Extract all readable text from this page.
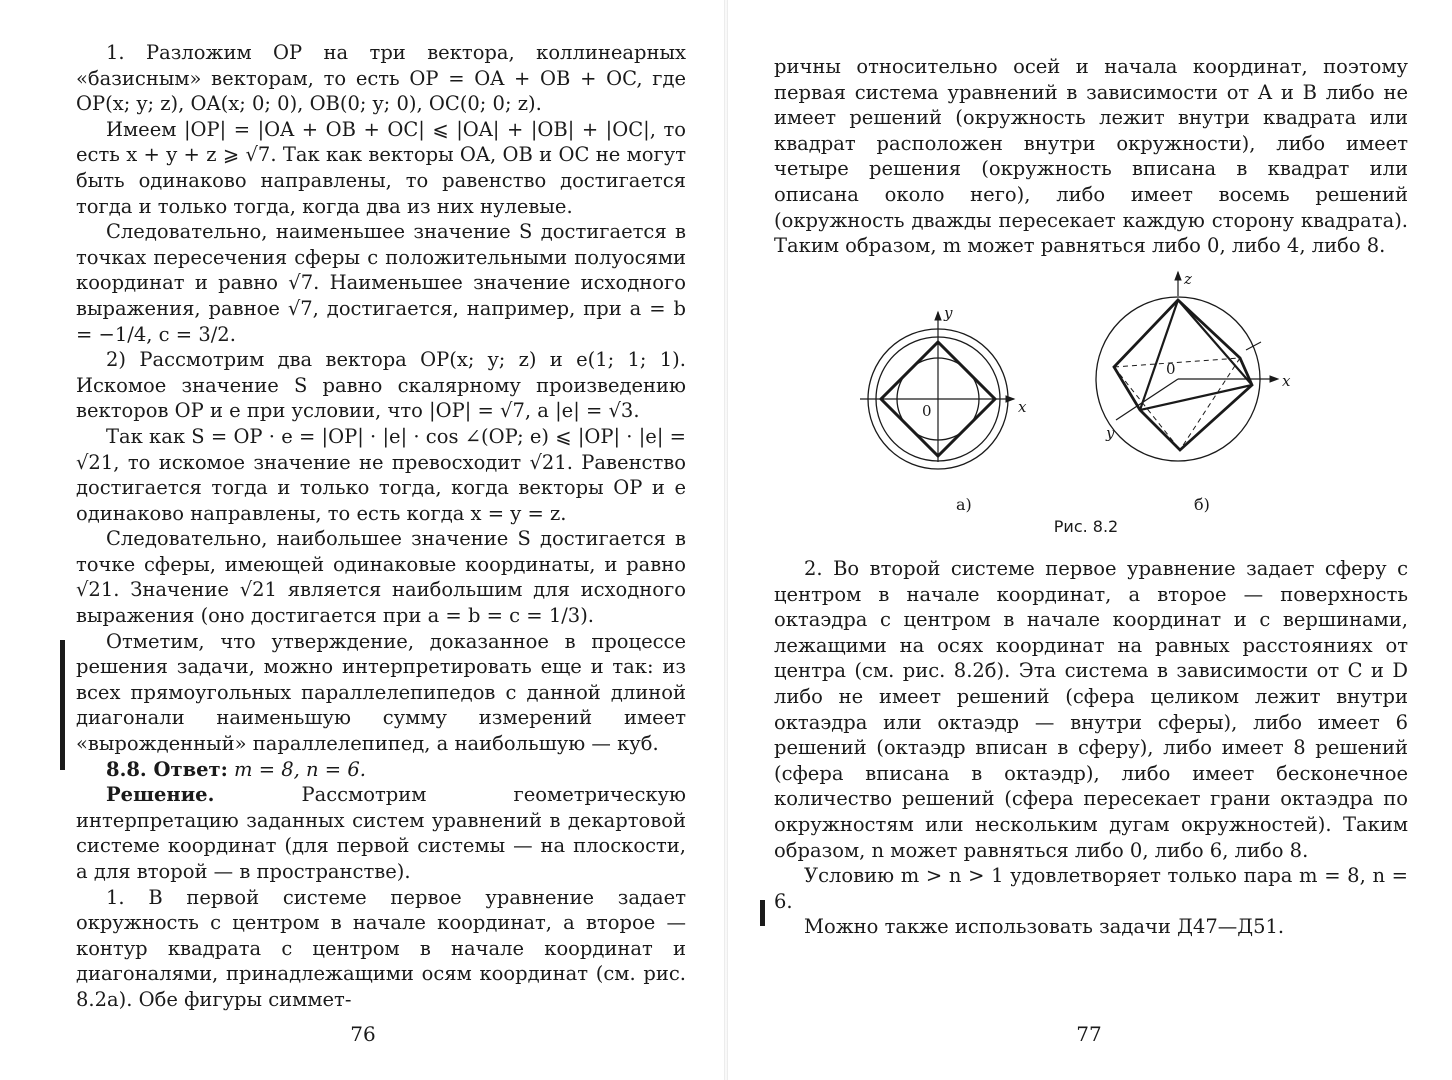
1. Разложим OP на три вектора, коллинеарных «базисным» векторам, то есть OP = OA + OB + OC, где OP(x; y; z), OA(x; 0; 0), OB(0; y; 0), OC(0; 0; z).

Имеем |OP| = |OA + OB + OC| ⩽ |OA| + |OB| + |OC|, то есть x + y + z ⩾ √7. Так как векторы OA, OB и OC не могут быть одинаково направлены, то равенство достигается тогда и только тогда, когда два из них нулевые.

Следовательно, наименьшее значение S достигается в точках пересечения сферы с положительными полуосями координат и равно √7. Наименьшее значение исходного выражения, равное √7, достигается, например, при a = b = −1/4, c = 3/2.

2) Рассмотрим два вектора OP(x; y; z) и e(1; 1; 1). Искомое значение S равно скалярному произведению векторов OP и e при условии, что |OP| = √7, а |e| = √3.

Так как S = OP · e = |OP| · |e| · cos ∠(OP; e) ⩽ |OP| · |e| = √21, то искомое значение не превосходит √21. Равенство достигается тогда и только тогда, когда векторы OP и e одинаково направлены, то есть когда x = y = z.

Следовательно, наибольшее значение S достигается в точке сферы, имеющей одинаковые координаты, и равно √21. Значение √21 является наибольшим для исходного выражения (оно достигается при a = b = c = 1/3).

Отметим, что утверждение, доказанное в процессе решения задачи, можно интерпретировать еще и так: из всех прямоугольных параллелепипедов с данной длиной диагонали наименьшую сумму измерений имеет «вырожденный» параллелепипед, а наибольшую — куб.

8.8. Ответ: m = 8, n = 6.

Решение.	Рассмотрим геометрическую интерпретацию заданных систем уравнений в декартовой системе координат (для первой системы — на плоскости, а для второй — в пространстве).

1. В первой системе первое уравнение задает окружность с центром в начале координат, а второе — контур квадрата с центром в начале координат и диагоналями, принадлежащими осям координат (см. рис. 8.2а). Обе фигуры симмет-

76

ричны относительно осей и начала координат, поэтому первая система уравнений в зависимости от A и B либо не имеет решений (окружность лежит внутри квадрата или квадрат расположен внутри окружности), либо имеет четыре решения (окружность вписана в квадрат или описана около него), либо имеет восемь решений (окружность дважды пересекает каждую сторону квадрата). Таким образом, m может равняться либо 0, либо 4, либо 8.

x
y
0
z
x
y
0
а)	б)
Рис. 8.2

2. Во второй системе первое уравнение задает сферу с центром в начале координат, а второе — поверхность октаэдра с центром в начале координат и с вершинами, лежащими на осях координат на равных расстояниях от центра (см. рис. 8.2б). Эта система в зависимости от C и D либо не имеет решений (сфера целиком лежит внутри октаэдра или октаэдр — внутри сферы), либо имеет 6 решений (октаэдр вписан в сферу), либо имеет 8 решений (сфера вписана в октаэдр), либо имеет бесконечное количество решений (сфера пересекает грани октаэдра по окружностям или нескольким дугам окружностей). Таким образом, n может равняться либо 0, либо 6, либо 8.

Условию m > n > 1 удовлетворяет только пара m = 8, n = 6.

Можно также использовать задачи Д47—Д51.

77
